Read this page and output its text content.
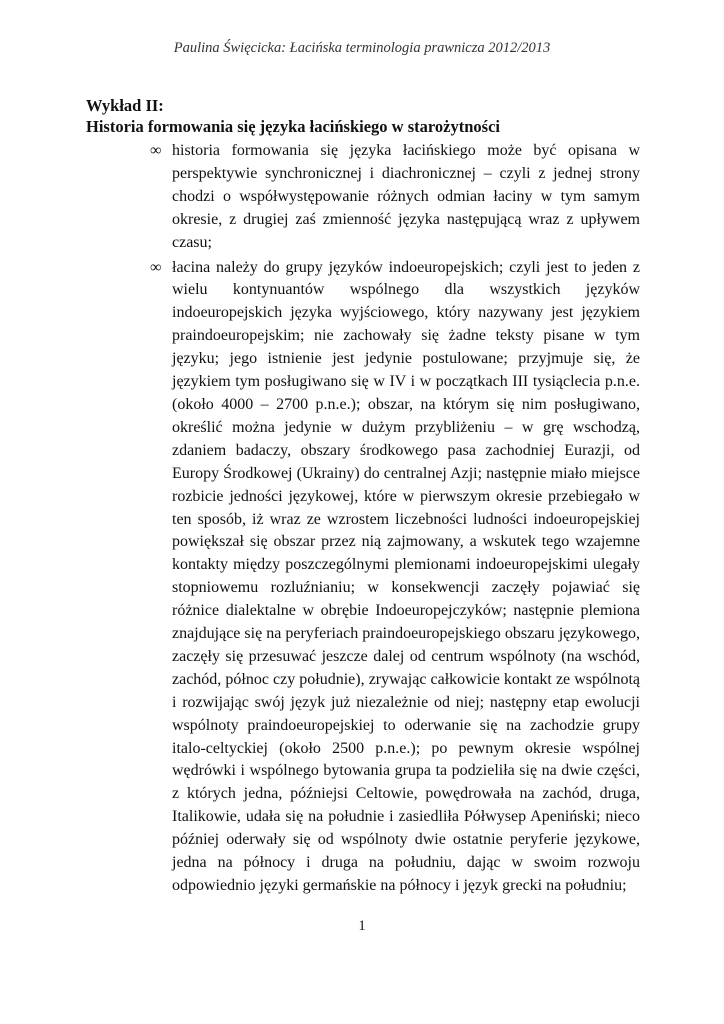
Paulina Święcicka: Łacińska terminologia prawnicza 2012/2013
Wykład II:
Historia formowania się języka łacińskiego w starożytności
∞ historia formowania się języka łacińskiego może być opisana w perspektywie synchronicznej i diachronicznej – czyli z jednej strony chodzi o współwystępowanie różnych odmian łaciny w tym samym okresie, z drugiej zaś zmienność języka następującą wraz z upływem czasu;
∞ łacina należy do grupy języków indoeuropejskich; czyli jest to jeden z wielu kontynuantów wspólnego dla wszystkich języków indoeuropejskich języka wyjściowego, który nazywany jest językiem praindoeuropejskim; nie zachowały się żadne teksty pisane w tym języku; jego istnienie jest jedynie postulowane; przyjmuje się, że językiem tym posługiwano się w IV i w początkach III tysiąclecia p.n.e. (około 4000 – 2700 p.n.e.); obszar, na którym się nim posługiwano, określić można jedynie w dużym przybliżeniu – w grę wschodzą, zdaniem badaczy, obszary środkowego pasa zachodniej Eurazji, od Europy Środkowej (Ukrainy) do centralnej Azji; następnie miało miejsce rozbicie jedności językowej, które w pierwszym okresie przebiegało w ten sposób, iż wraz ze wzrostem liczebności ludności indoeuropejskiej powiększał się obszar przez nią zajmowany, a wskutek tego wzajemne kontakty między poszczególnymi plemionami indoeuropejskimi ulegały stopniowemu rozluźnianiu; w konsekwencji zaczęły pojawiać się różnice dialektalne w obrębie Indoeuropejczyków; następnie plemiona znajdujące się na peryferiach praindoeuropejskiego obszaru językowego, zaczęły się przesuwać jeszcze dalej od centrum wspólnoty (na wschód, zachód, północ czy południe), zrywając całkowicie kontakt ze wspólnotą i rozwijając swój język już niezależnie od niej; następny etap ewolucji wspólnoty praindoeuropejskiej to oderwanie się na zachodzie grupy italo-celtyckiej (około 2500 p.n.e.); po pewnym okresie wspólnej wędrówki i wspólnego bytowania grupa ta podzieliła się na dwie części, z których jedna, późniejsi Celtowie, powędrowała na zachód, druga, Italikowie, udała się na południe i zasiedliła Półwysep Apeniński; nieco później oderwały się od wspólnoty dwie ostatnie peryferie językowe, jedna na północy i druga na południu, dając w swoim rozwoju odpowiednio języki germańskie na północy i język grecki na południu;
1
